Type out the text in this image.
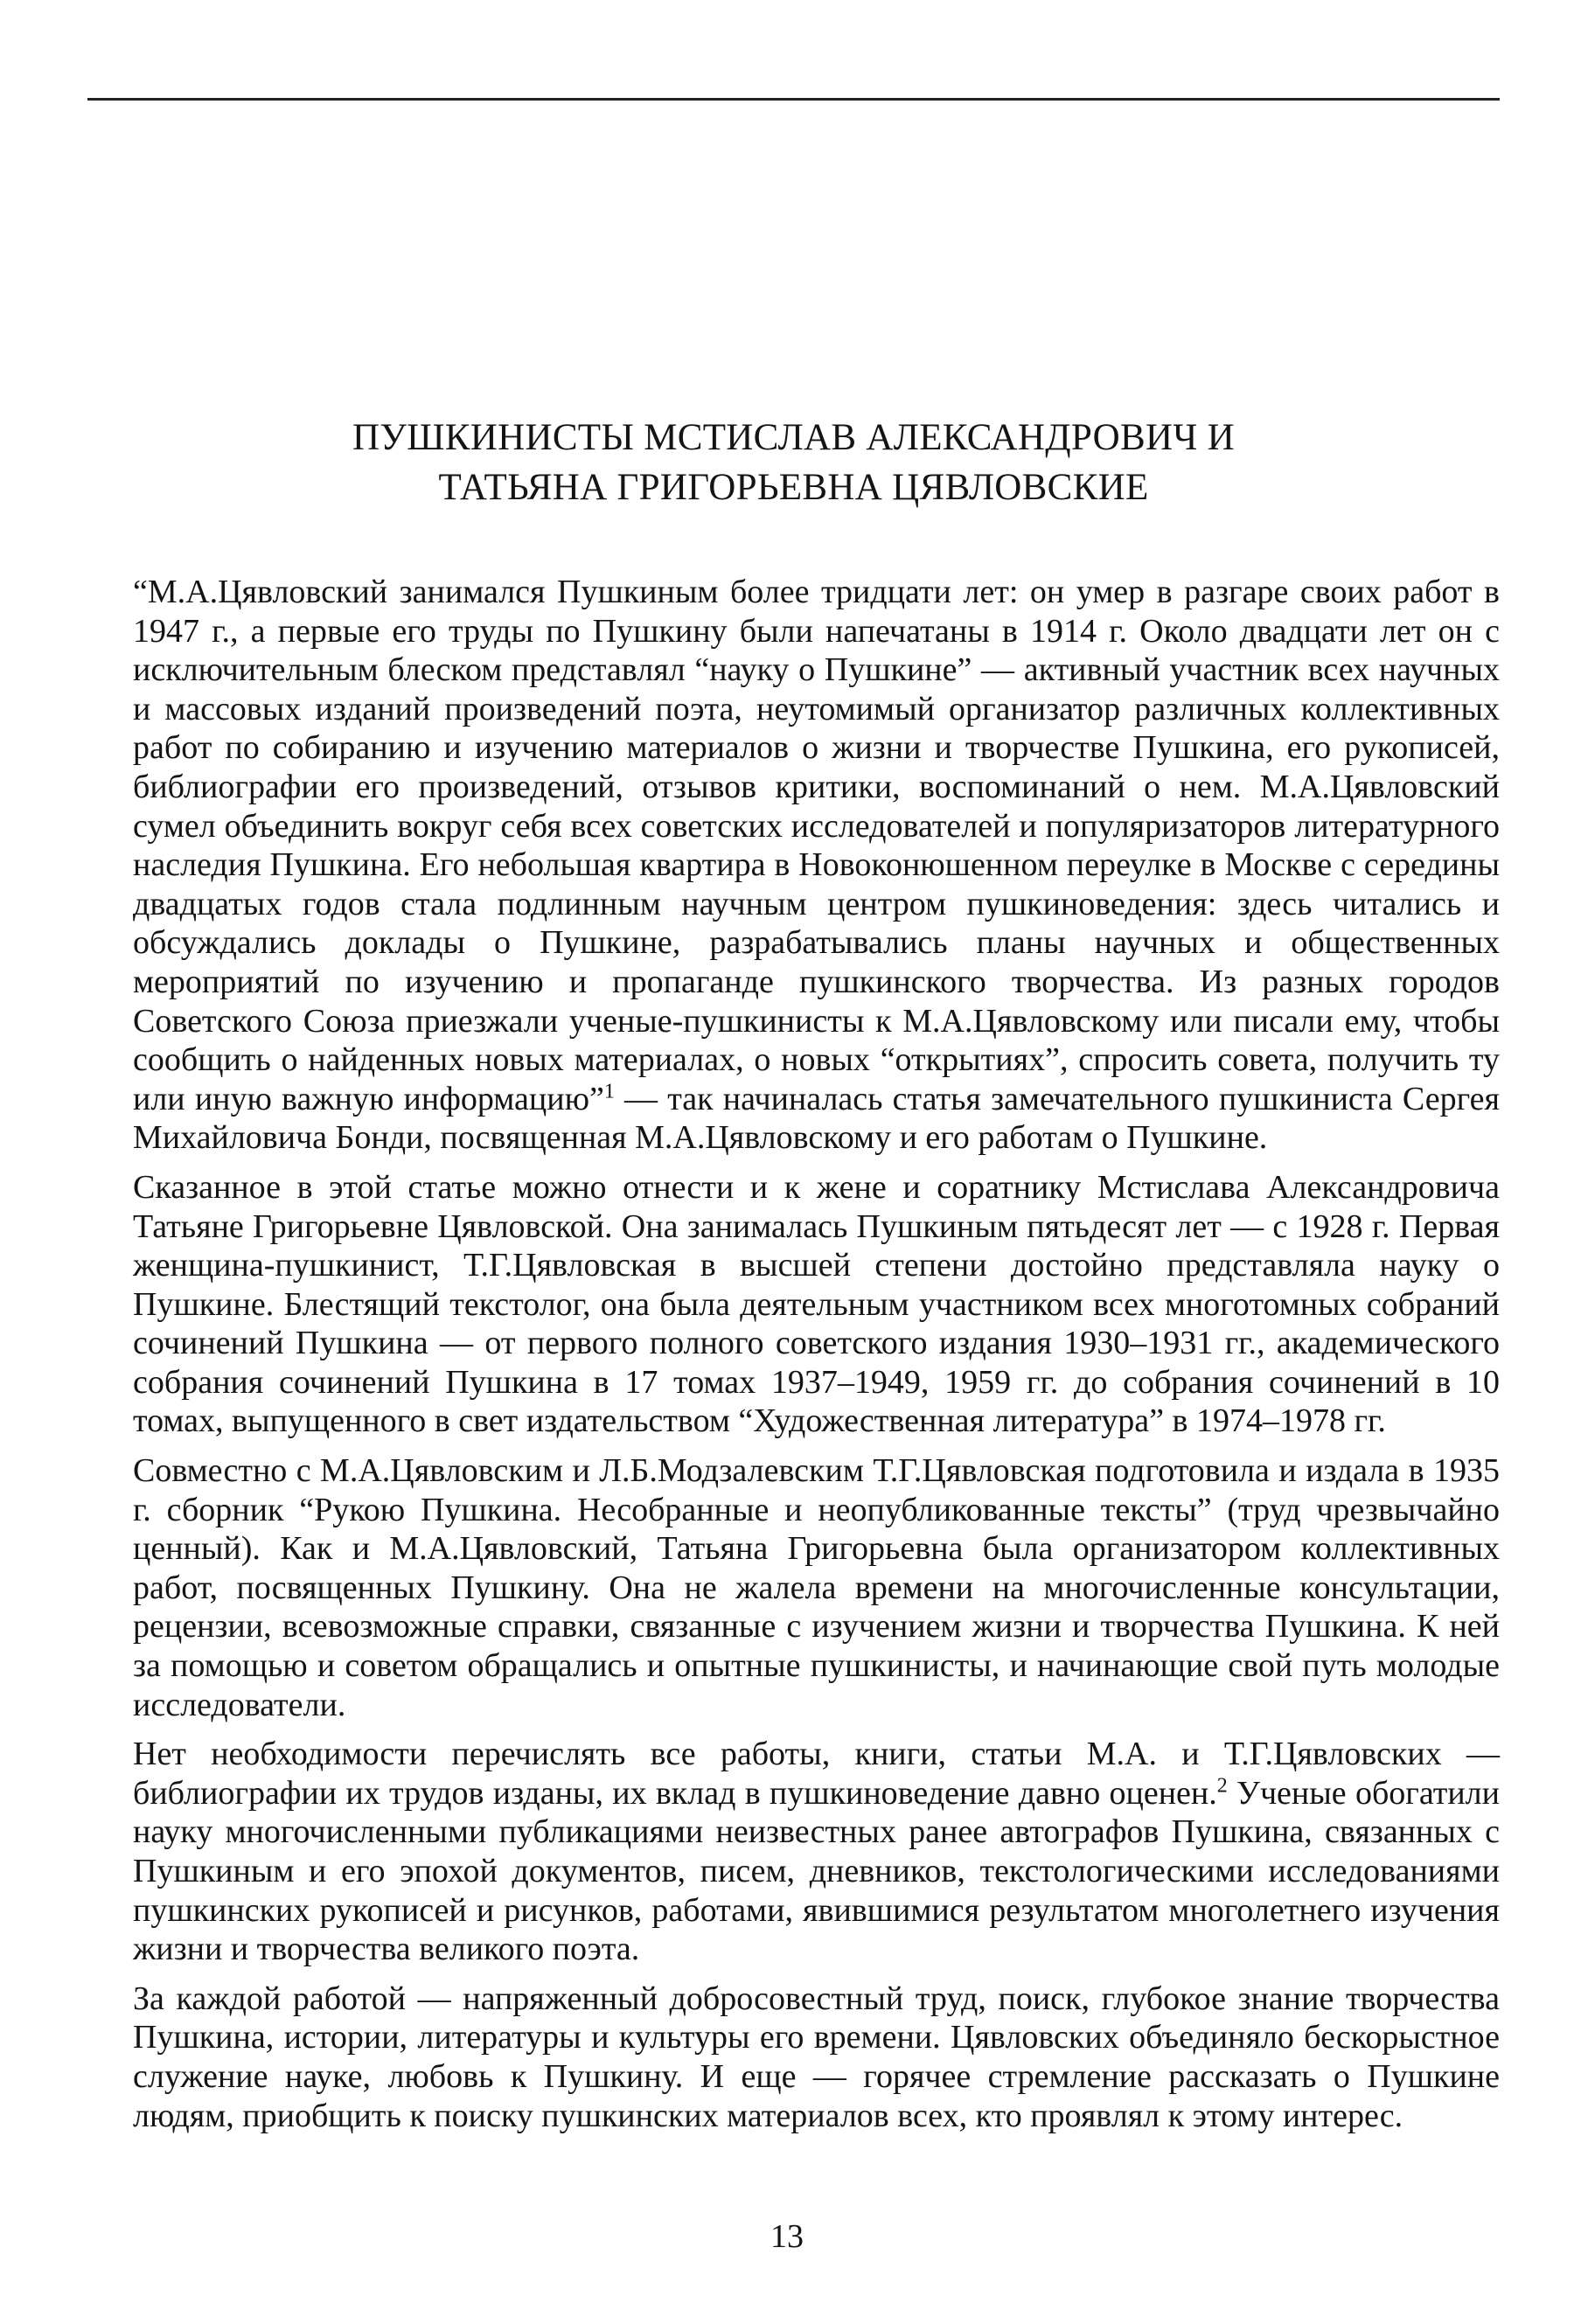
ПУШКИНИСТЫ МСТИСЛАВ АЛЕКСАНДРОВИЧ И
ТАТЬЯНА ГРИГОРЬЕВНА ЦЯВЛОВСКИЕ

“М.А.Цявловский занимался Пушкиным более тридцати лет: он умер в разгаре своих работ в 1947 г., а первые его труды по Пушкину были напечатаны в 1914 г. Около двадцати лет он с исключительным блеском представлял “науку о Пушкине” — активный участник всех научных и массовых изданий произведений поэта, неутомимый организатор различных коллективных работ по собиранию и изучению материалов о жизни и творчестве Пушкина, его рукописей, библиографии его произведений, отзывов критики, воспоминаний о нем. М.А.Цявловский сумел объединить вокруг себя всех советских исследователей и популяризаторов литературного наследия Пушкина. Его небольшая квартира в Новоконюшенном переулке в Москве с середины двадцатых годов стала подлинным научным центром пушкиноведения: здесь читались и обсуждались доклады о Пушкине, разрабатывались планы научных и общественных мероприятий по изучению и пропаганде пушкинского творчества. Из разных городов Советского Союза приезжали ученые-пушкинисты к М.А.Цявловскому или писали ему, чтобы сообщить о найденных новых материалах, о новых “открытиях”, спросить совета, получить ту или иную важную информацию”$^1$ — так начиналась статья замечательного пушкиниста Сергея Михайловича Бонди, посвященная М.А.Цявловскому и его работам о Пушкине.

Сказанное в этой статье можно отнести и к жене и соратнику Мстислава Александровича Татьяне Григорьевне Цявловской. Она занималась Пушкиным пятьдесят лет — с 1928 г. Первая женщина-пушкинист, Т.Г.Цявловская в высшей степени достойно представляла науку о Пушкине. Блестящий текстолог, она была деятельным участником всех многотомных собраний сочинений Пушкина — от первого полного советского издания 1930–1931 гг., академического собрания сочинений Пушкина в 17 томах 1937–1949, 1959 гг. до собрания сочинений в 10 томах, выпущенного в свет издательством “Художественная литература” в 1974–1978 гг.

Совместно с М.А.Цявловским и Л.Б.Модзалевским Т.Г.Цявловская подготовила и издала в 1935 г. сборник “Рукою Пушкина. Несобранные и неопубликованные тексты” (труд чрезвычайно ценный). Как и М.А.Цявловский, Татьяна Григорьевна была организатором коллективных работ, посвященных Пушкину. Она не жалела времени на многочисленные консультации, рецензии, всевозможные справки, связанные с изучением жизни и творчества Пушкина. К ней за помощью и советом обращались и опытные пушкинисты, и начинающие свой путь молодые исследователи.

Нет необходимости перечислять все работы, книги, статьи М.А. и Т.Г.Цявловских — библиографии их трудов изданы, их вклад в пушкиноведение давно оценен.$^2$ Ученые обогатили науку многочисленными публикациями неизвестных ранее автографов Пушкина, связанных с Пушкиным и его эпохой документов, писем, дневников, текстологическими исследованиями пушкинских рукописей и рисунков, работами, явившимися результатом многолетнего изучения жизни и творчества великого поэта.

За каждой работой — напряженный добросовестный труд, поиск, глубокое знание творчества Пушкина, истории, литературы и культуры его времени. Цявловских объединяло бескорыстное служение науке, любовь к Пушкину. И еще — горячее стремление рассказать о Пушкине людям, приобщить к поиску пушкинских материалов всех, кто проявлял к этому интерес.

13
